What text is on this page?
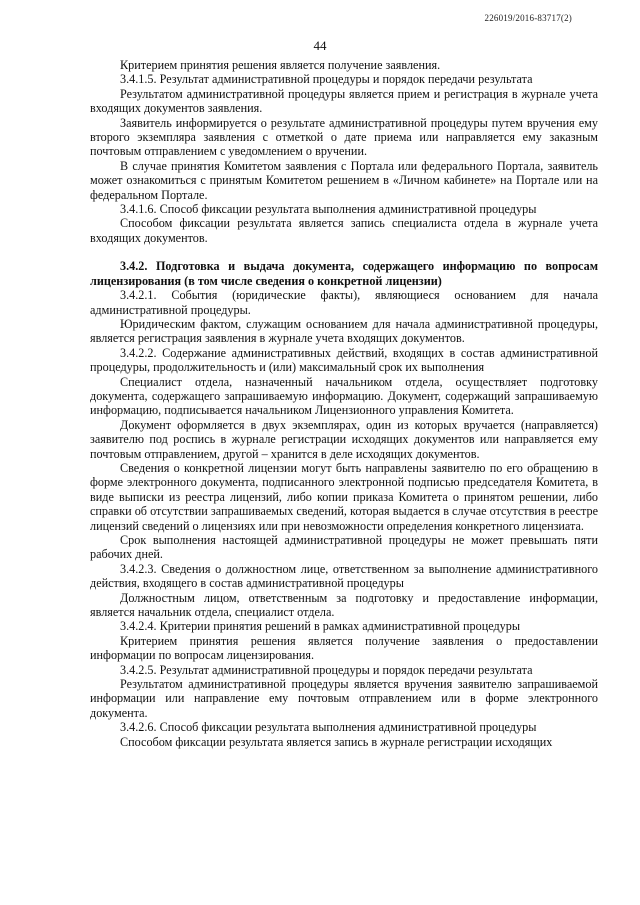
226019/2016-83717(2)
44

Критерием принятия решения является получение заявления.

3.4.1.5. Результат административной процедуры и порядок передачи результата

Результатом административной процедуры является прием и регистрация в журнале учета входящих документов заявления.

Заявитель информируется о результате административной процедуры путем вручения ему второго экземпляра заявления с отметкой о дате приема или направляется ему заказным почтовым отправлением с уведомлением о вручении.

В случае принятия Комитетом заявления с Портала или федерального Портала, заявитель может ознакомиться с принятым Комитетом решением в «Личном кабинете» на Портале или на федеральном Портале.

3.4.1.6. Способ фиксации результата выполнения административной процедуры

Способом фиксации результата является запись специалиста отдела в журнале учета входящих документов.

3.4.2. Подготовка и выдача документа, содержащего информацию по вопросам лицензирования (в том числе сведения о конкретной лицензии)

3.4.2.1. События (юридические факты), являющиеся основанием для начала административной процедуры.

Юридическим фактом, служащим основанием для начала административной процедуры, является регистрация заявления в журнале учета входящих документов.

3.4.2.2. Содержание административных действий, входящих в состав административной процедуры, продолжительность и (или) максимальный срок их выполнения

Специалист отдела, назначенный начальником отдела, осуществляет подготовку документа, содержащего запрашиваемую информацию. Документ, содержащий запрашиваемую информацию, подписывается начальником Лицензионного управления Комитета.

Документ оформляется в двух экземплярах, один из которых вручается (направляется) заявителю под роспись в журнале регистрации исходящих документов или направляется ему почтовым отправлением, другой – хранится в деле исходящих документов.

Сведения о конкретной лицензии могут быть направлены заявителю по его обращению в форме электронного документа, подписанного электронной подписью председателя Комитета, в виде выписки из реестра лицензий, либо копии приказа Комитета о принятом решении, либо справки об отсутствии запрашиваемых сведений, которая выдается в случае отсутствия в реестре лицензий сведений о лицензиях или при невозможности определения конкретного лицензиата.

Срок выполнения настоящей административной процедуры не может превышать пяти рабочих дней.

3.4.2.3. Сведения о должностном лице, ответственном за выполнение административного действия, входящего в состав административной процедуры

Должностным лицом, ответственным за подготовку и предоставление информации, является начальник отдела, специалист отдела.

3.4.2.4. Критерии принятия решений в рамках административной процедуры

Критерием принятия решения является получение заявления о предоставлении информации по вопросам лицензирования.

3.4.2.5. Результат административной процедуры и порядок передачи результата

Результатом административной процедуры является вручения заявителю запрашиваемой информации или направление ему почтовым отправлением или в форме электронного документа.

3.4.2.6. Способ фиксации результата выполнения административной процедуры

Способом фиксации результата является запись в журнале регистрации исходящих
